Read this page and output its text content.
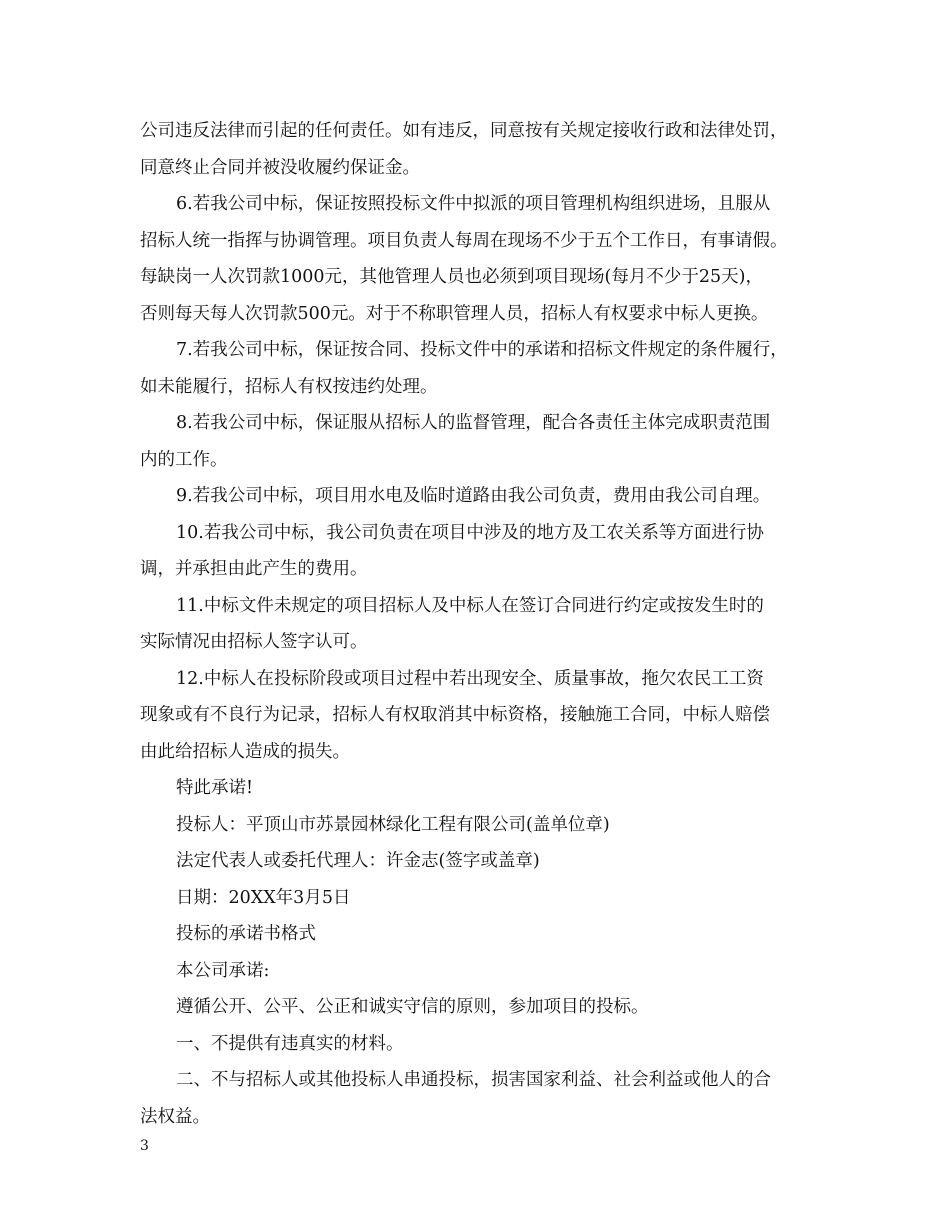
公司违反法律而引起的任何责任。如有违反，同意按有关规定接收行政和法律处罚，
同意终止合同并被没收履约保证金。
6.若我公司中标，保证按照投标文件中拟派的项目管理机构组织进场，且服从
招标人统一指挥与协调管理。项目负责人每周在现场不少于五个工作日，有事请假。
每缺岗一人次罚款1000元，其他管理人员也必须到项目现场(每月不少于25天)，
否则每天每人次罚款500元。对于不称职管理人员，招标人有权要求中标人更换。
7.若我公司中标，保证按合同、投标文件中的承诺和招标文件规定的条件履行，
如未能履行，招标人有权按违约处理。
8.若我公司中标，保证服从招标人的监督管理，配合各责任主体完成职责范围
内的工作。
9.若我公司中标，项目用水电及临时道路由我公司负责，费用由我公司自理。
10.若我公司中标，我公司负责在项目中涉及的地方及工农关系等方面进行协
调，并承担由此产生的费用。
11.中标文件未规定的项目招标人及中标人在签订合同进行约定或按发生时的
实际情况由招标人签字认可。
12.中标人在投标阶段或项目过程中若出现安全、质量事故，拖欠农民工工资
现象或有不良行为记录，招标人有权取消其中标资格，接触施工合同，中标人赔偿
由此给招标人造成的损失。
特此承诺!
投标人：平顶山市苏景园林绿化工程有限公司(盖单位章)
法定代表人或委托代理人：许金志(签字或盖章)
日期：20XX年3月5日
投标的承诺书格式
本公司承诺:
遵循公开、公平、公正和诚实守信的原则，参加项目的投标。
一、不提供有违真实的材料。
二、不与招标人或其他投标人串通投标，损害国家利益、社会利益或他人的合
法权益。
3
